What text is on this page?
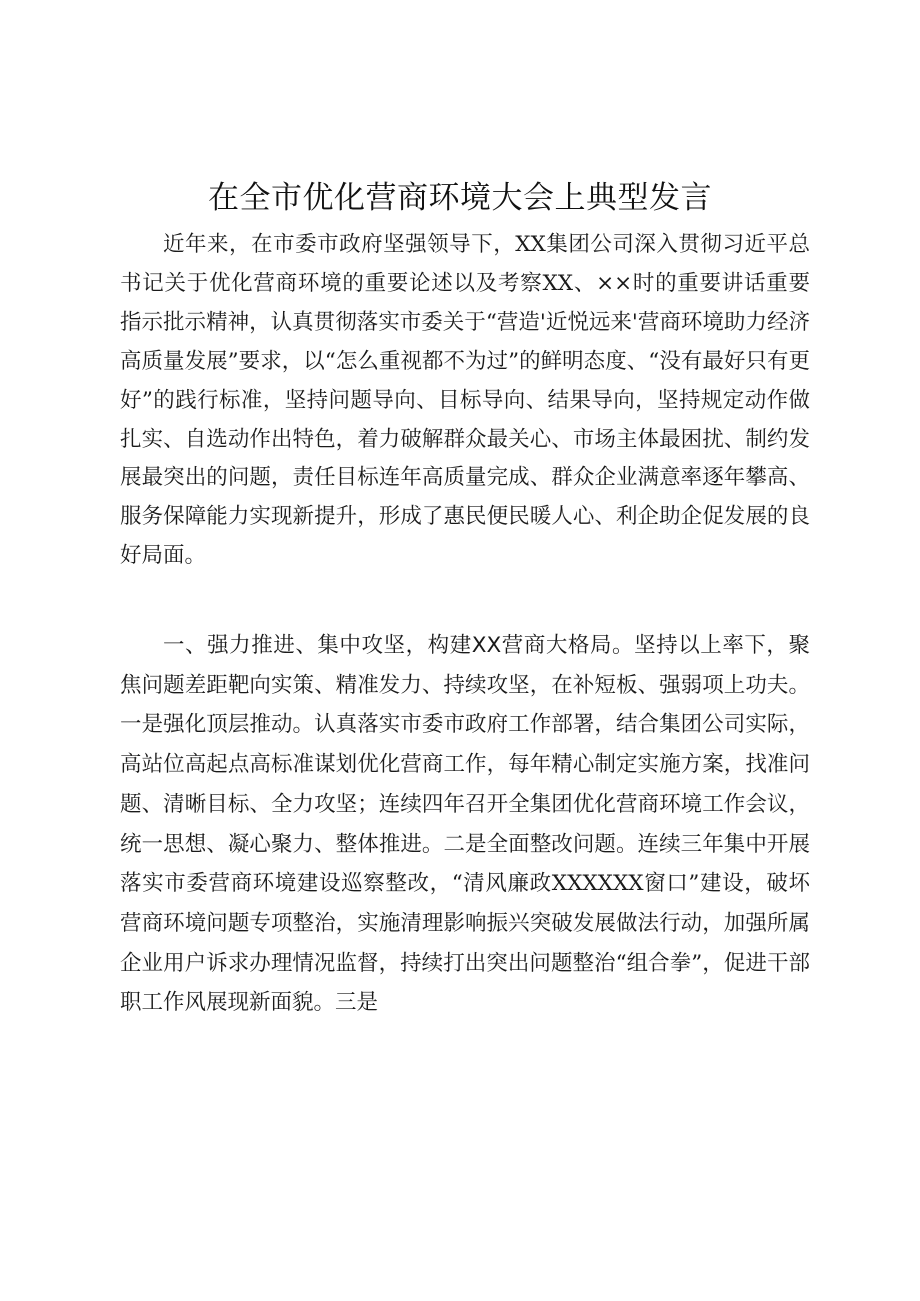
在全市优化营商环境大会上典型发言

近年来，在市委市政府坚强领导下，XX集团公司深入贯彻习近平总书记关于优化营商环境的重要论述以及考察XX、××时的重要讲话重要指示批示精神，认真贯彻落实市委关于“营造'近悦远来'营商环境助力经济高质量发展”要求，以“怎么重视都不为过”的鲜明态度、“没有最好只有更好”的践行标准，坚持问题导向、目标导向、结果导向，坚持规定动作做扎实、自选动作出特色，着力破解群众最关心、市场主体最困扰、制约发展最突出的问题，责任目标连年高质量完成、群众企业满意率逐年攀高、服务保障能力实现新提升，形成了惠民便民暖人心、利企助企促发展的良好局面。

一、强力推进、集中攻坚，构建XX营商大格局。坚持以上率下，聚焦问题差距靶向实策、精准发力、持续攻坚，在补短板、强弱项上功夫。一是强化顶层推动。认真落实市委市政府工作部署，结合集团公司实际，高站位高起点高标准谋划优化营商工作，每年精心制定实施方案，找准问题、清晰目标、全力攻坚；连续四年召开全集团优化营商环境工作会议，统一思想、凝心聚力、整体推进。二是全面整改问题。连续三年集中开展落实市委营商环境建设巡察整改，“清风廉政XXXXXX窗口”建设，破坏营商环境问题专项整治，实施清理影响振兴突破发展做法行动，加强所属企业用户诉求办理情况监督，持续打出突出问题整治“组合拳”，促进干部职工作风展现新面貌。三是
